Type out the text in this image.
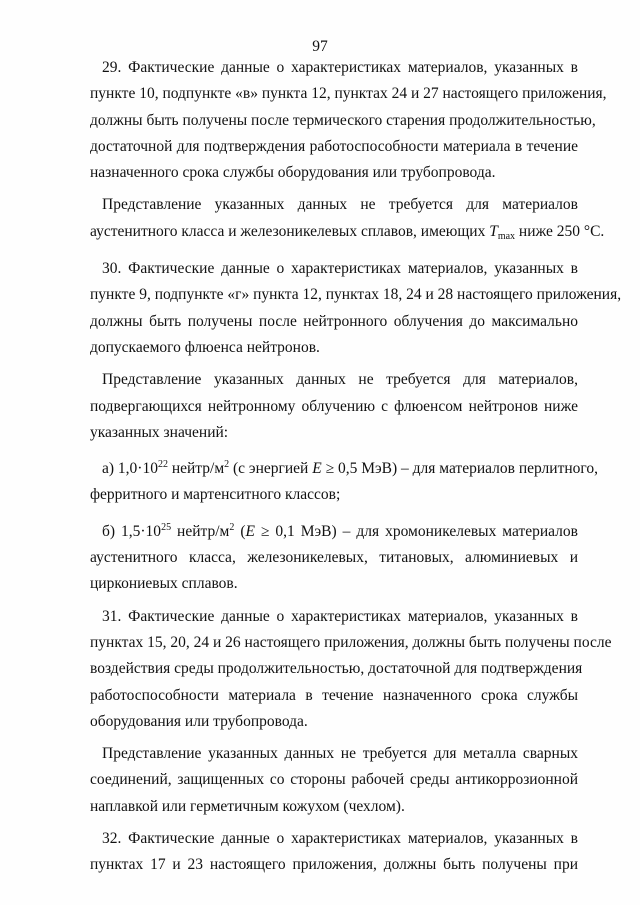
97

29. Фактические данные о характеристиках материалов, указанных в
пункте 10, подпункте «в» пункта 12, пунктах 24 и 27 настоящего приложения,
должны быть получены после термического старения продолжительностью,
достаточной для подтверждения работоспособности материала в течение
назначенного срока службы оборудования или трубопровода.

Представление указанных данных не требуется для материалов
аустенитного класса и железоникелевых сплавов, имеющих $T_{max}$ ниже 250 °C.

30. Фактические данные о характеристиках материалов, указанных в
пункте 9, подпункте «г» пункта 12, пунктах 18, 24 и 28 настоящего приложения,
должны быть получены после нейтронного облучения до максимально
допускаемого флюенса нейтронов.

Представление указанных данных не требуется для материалов,
подвергающихся нейтронному облучению с флюенсом нейтронов ниже
указанных значений:

а) $1,0\cdot 10^{22}$ нейтр/$м^2$ (с энергией E ≥ 0,5 МэВ) – для материалов перлитного,
ферритного и мартенситного классов;

б) $1,5\cdot 10^{25}$ нейтр/$м^2$ (E ≥ 0,1 МэВ) – для хромоникелевых материалов
аустенитного класса, железоникелевых, титановых, алюминиевых и
циркониевых сплавов.

31. Фактические данные о характеристиках материалов, указанных в
пунктах 15, 20, 24 и 26 настоящего приложения, должны быть получены после
воздействия среды продолжительностью, достаточной для подтверждения
работоспособности материала в течение назначенного срока службы
оборудования или трубопровода.

Представление указанных данных не требуется для металла сварных
соединений, защищенных со стороны рабочей среды антикоррозионной
наплавкой или герметичным кожухом (чехлом).

32. Фактические данные о характеристиках материалов, указанных в
пунктах 17 и 23 настоящего приложения, должны быть получены при
